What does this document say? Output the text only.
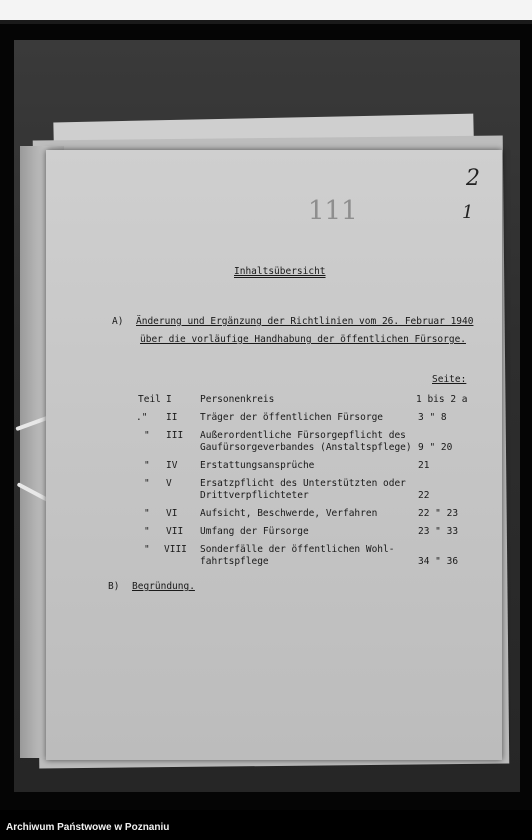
2
1
111
Inhaltsübersicht
A) Änderung und Ergänzung der Richtlinien vom 26. Februar 1940
über die vorläufige Handhabung der öffentlichen Fürsorge.
Seite:
Teil I	Personenkreis	1 bis 2 a
." II Träger der öffentlichen Fürsorge	3 " 8
" III Außerordentliche Fürsorgepflicht des
Gaufürsorgeverbandes (Anstaltspflege) 9 " 20
" IV Erstattungsansprüche	21
" V	Ersatzpflicht des Unterstützten oder
Drittverpflichteter	22
" VI Aufsicht, Beschwerde, Verfahren	22 " 23
" VII Umfang der Fürsorge	23 " 33
" VIII Sonderfälle der öffentlichen Wohl-
fahrtspflege	34 " 36
B) Begründung.
Archiwum Państwowe w Poznaniu
